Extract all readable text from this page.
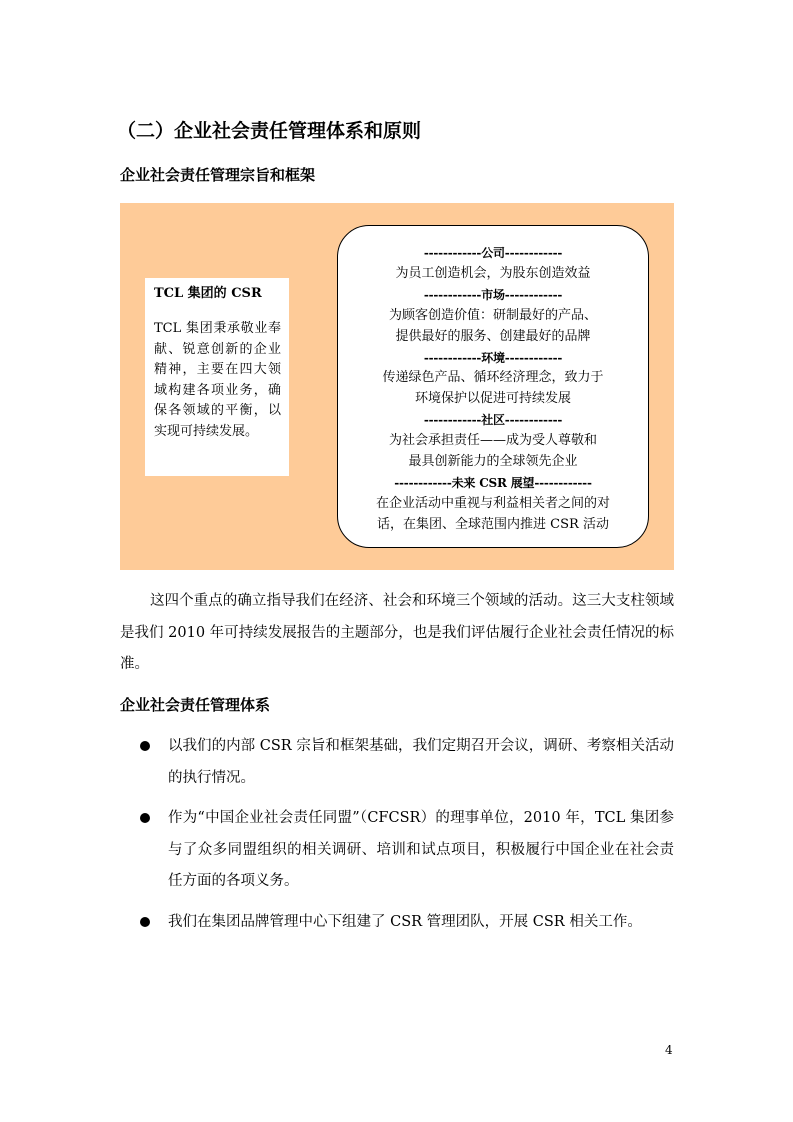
（二）企业社会责任管理体系和原则
企业社会责任管理宗旨和框架

TCL 集团的 CSR

TCL 集团秉承敬业奉献、锐意创新的企业精神，主要在四大领域构建各项业务，确保各领域的平衡，以实现可持续发展。

------------公司------------

为员工创造机会，为股东创造效益

------------市场------------

为顾客创造价值：研制最好的产品、

提供最好的服务、创建最好的品牌

------------环境------------

传递绿色产品、循环经济理念，致力于

环境保护以促进可持续发展

------------社区------------

为社会承担责任——成为受人尊敬和

最具创新能力的全球领先企业

------------未来 CSR 展望------------

在企业活动中重视与利益相关者之间的对

话，在集团、全球范围内推进 CSR 活动

这四个重点的确立指导我们在经济、社会和环境三个领域的活动。这三大支柱领域是我们 2010 年可持续发展报告的主题部分，也是我们评估履行企业社会责任情况的标准。

企业社会责任管理体系

以我们的内部 CSR 宗旨和框架基础，我们定期召开会议，调研、考察相关活动的执行情况。

作为“中国企业社会责任同盟”（CFCSR）的理事单位，2010 年，TCL 集团参与了众多同盟组织的相关调研、培训和试点项目，积极履行中国企业在社会责任方面的各项义务。

我们在集团品牌管理中心下组建了 CSR 管理团队，开展 CSR 相关工作。

4
